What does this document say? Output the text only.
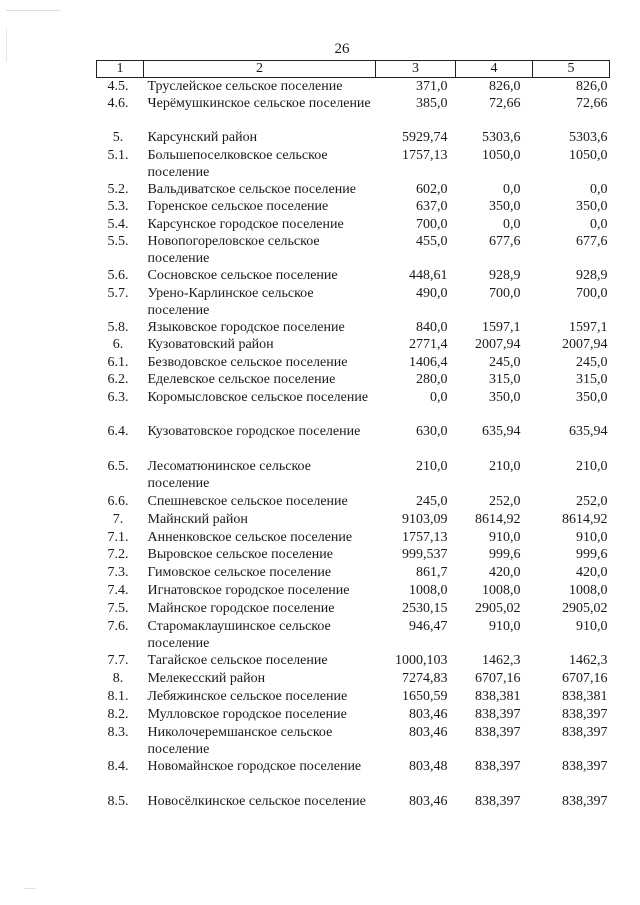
26
1	2	3	4	5
4.5.	Труслейское сельское поселение	371,0	826,0	826,0
4.6.	Черёмушкинское сельское поселение	385,0	72,66	72,66
5.	Карсунский район	5929,74	5303,6	5303,6
5.1.	Большепоселковское сельское поселение	1757,13	1050,0	1050,0
5.2.	Вальдиватское сельское поселение	602,0	0,0	0,0
5.3.	Горенское сельское поселение	637,0	350,0	350,0
5.4.	Карсунское городское поселение	700,0	0,0	0,0
5.5.	Новопогореловское сельское поселение	455,0	677,6	677,6
5.6.	Сосновское сельское поселение	448,61	928,9	928,9
5.7.	Урено-Карлинское сельское поселение	490,0	700,0	700,0
5.8.	Языковское городское поселение	840,0	1597,1	1597,1
6.	Кузоватовский район	2771,4	2007,94	2007,94
6.1.	Безводовское сельское поселение	1406,4	245,0	245,0
6.2.	Еделевское сельское поселение	280,0	315,0	315,0
6.3.	Коромысловское сельское поселение	0,0	350,0	350,0
6.4.	Кузоватовское городское поселение	630,0	635,94	635,94
6.5.	Лесоматюнинское сельское поселение	210,0	210,0	210,0
6.6.	Спешневское сельское поселение	245,0	252,0	252,0
7.	Майнский район	9103,09	8614,92	8614,92
7.1.	Анненковское сельское поселение	1757,13	910,0	910,0
7.2.	Выровское сельское поселение	999,537	999,6	999,6
7.3.	Гимовское сельское поселение	861,7	420,0	420,0
7.4.	Игнатовское городское поселение	1008,0	1008,0	1008,0
7.5.	Майнское городское поселение	2530,15	2905,02	2905,02
7.6.	Старомаклаушинское сельское поселение	946,47	910,0	910,0
7.7.	Тагайское сельское поселение	1000,103	1462,3	1462,3
8.	Мелекесский район	7274,83	6707,16	6707,16
8.1.	Лебяжинское сельское поселение	1650,59	838,381	838,381
8.2.	Мулловское городское поселение	803,46	838,397	838,397
8.3.	Николочеремшанское сельское поселение	803,46	838,397	838,397
8.4.	Новомайнское городское поселение	803,48	838,397	838,397
8.5.	Новосёлкинское сельское поселение	803,46	838,397	838,397
